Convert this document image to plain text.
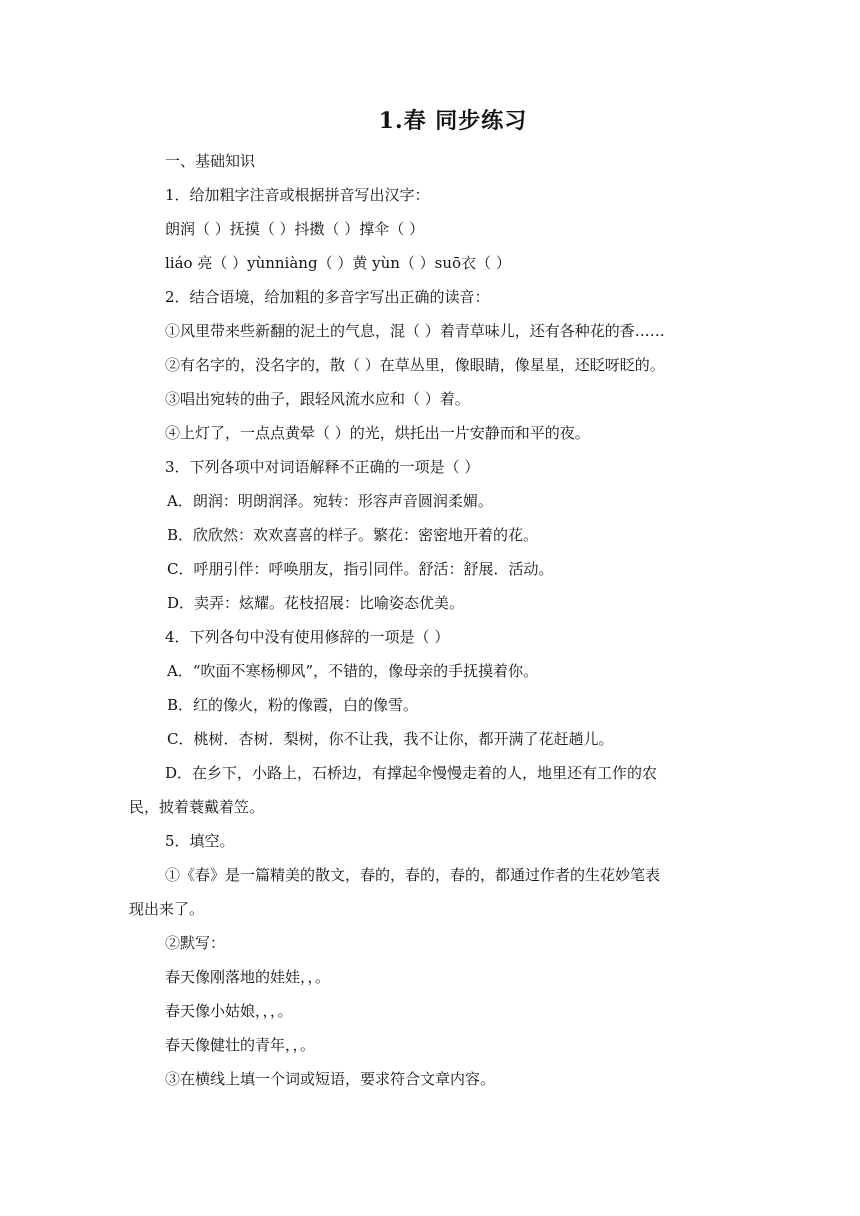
1.春 同步练习
一、基础知识
1．给加粗字注音或根据拼音写出汉字：
朗润（ ）抚摸（ ）抖擞（ ）撑伞（ ）
liáo 亮（ ）yùnniàng（ ）黄 yùn（ ）suō衣（ ）
2．结合语境，给加粗的多音字写出正确的读音：
①风里带来些新翻的泥土的气息，混（ ）着青草味儿，还有各种花的香……
②有名字的，没名字的，散（ ）在草丛里，像眼睛，像星星，还眨呀眨的。
③唱出宛转的曲子，跟轻风流水应和（ ）着。
④上灯了，一点点黄晕（ ）的光，烘托出一片安静而和平的夜。
3．下列各项中对词语解释不正确的一项是（ ）
A．朗润：明朗润泽。宛转：形容声音圆润柔媚。
B．欣欣然：欢欢喜喜的样子。繁花：密密地开着的花。
C．呼朋引伴：呼唤朋友，指引同伴。舒活：舒展．活动。
D．卖弄：炫耀。花枝招展：比喻姿态优美。
4．下列各句中没有使用修辞的一项是（ ）
A．“吹面不寒杨柳风”，不错的，像母亲的手抚摸着你。
B．红的像火，粉的像霞，白的像雪。
C．桃树．杏树．梨树，你不让我，我不让你，都开满了花赶趟儿。
D．在乡下，小路上，石桥边，有撑起伞慢慢走着的人，地里还有工作的农
民，披着蓑戴着笠。
5．填空。
①《春》是一篇精美的散文，春的，春的，春的，都通过作者的生花妙笔表
现出来了。
②默写：
春天像刚落地的娃娃，，。
春天像小姑娘，，，。
春天像健壮的青年，，。
③在横线上填一个词或短语，要求符合文章内容。
